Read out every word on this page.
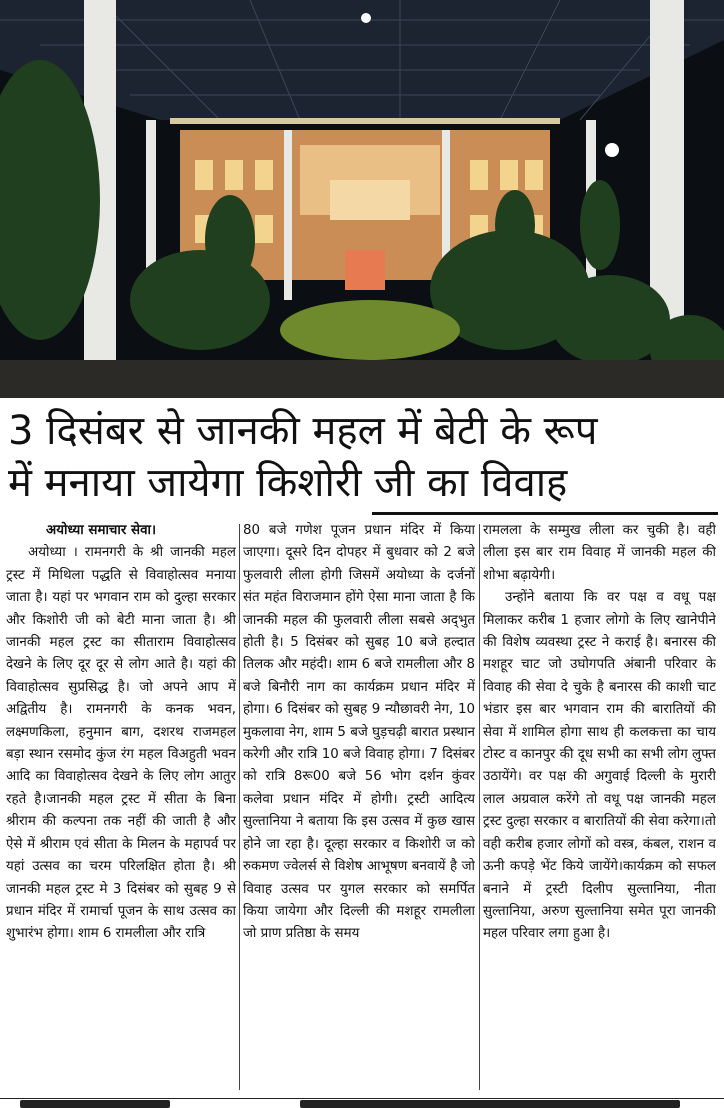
3 दिसंबर से जानकी महल में बेटी के रूप
में मनाया जायेगा किशोरी जी का विवाह
अयोध्या समाचार सेवा।

अयोध्या । रामनगरी के श्री जानकी महल ट्रस्ट में मिथिला पद्धति से विवाहोत्सव मनाया जाता है। यहां पर भगवान राम को दुल्हा सरकार और किशोरी जी को बेटी माना जाता है। श्री जानकी महल ट्रस्ट का सीताराम विवाहोत्सव देखने के लिए दूर दूर से लोग आते है। यहां की विवाहोत्सव सुप्रसिद्ध है। जो अपने आप में अद्वितीय है। रामनगरी के कनक भवन, लक्ष्मणकिला, हनुमान बाग, दशरथ राजमहल बड़ा स्थान रसमोद कुंज रंग महल विअहुती भवन आदि का विवाहोत्सव देखने के लिए लोग आतुर रहते है।जानकी महल ट्रस्ट में सीता के बिना श्रीराम की कल्पना तक नहीं की जाती है और ऐसे में श्रीराम एवं सीता के मिलन के महापर्व पर यहां उत्सव का चरम परिलक्षित होता है। श्री जानकी महल ट्रस्ट मे 3 दिसंबर को सुबह 9 से प्रधान मंदिर में रामार्चा पूजन के साथ उत्सव का शुभारंभ होगा। शाम 6 रामलीला और रात्रि

80 बजे गणेश पूजन प्रधान मंदिर में किया जाएगा। दूसरे दिन दोपहर में बुधवार को 2 बजे फुलवारी लीला होगी जिसमें अयोध्या के दर्जनों संत महंत विराजमान होंगे ऐसा माना जाता है कि जानकी महल की फुलवारी लीला सबसे अद्‌भुत होती है। 5 दिसंबर को सुबह 10 बजे हल्दात तिलक और महंदी। शाम 6 बजे रामलीला और 8 बजे बिनौरी नाग का कार्यक्रम प्रधान मंदिर में होगा। 6 दिसंबर को सुबह 9 न्यौछावरी नेग, 10 मुकलावा नेग, शाम 5 बजे घुड़चढ़ी बारात प्रस्थान करेगी और रात्रि 10 बजे विवाह होगा। 7 दिसंबर को रात्रि 8रू00 बजे 56 भोग दर्शन कुंवर कलेवा प्रधान मंदिर में होगी। ट्रस्टी आदित्य सुल्तानिया ने बताया कि इस उत्सव में कुछ खास होने जा रहा है। दूल्हा सरकार व किशोरी ज को रुकमण ज्वेलर्स से विशेष आभूषण बनवायें है जो विवाह उत्सव पर युगल सरकार को समर्पित किया जायेगा और दिल्ली की मशहूर रामलीला जो प्राण प्रतिष्ठा के समय

रामलला के सम्मुख लीला कर चुकी है। वही लीला इस बार राम विवाह में जानकी महल की शोभा बढ़ायेगी।

उन्होंने बताया कि वर पक्ष व वधू पक्ष मिलाकर करीब 1 हजार लोगो के लिए खानेपीने की विशेष व्यवस्था ट्रस्ट ने कराई है। बनारस की मशहूर चाट जो उघोगपति अंबानी परिवार के विवाह की सेवा दे चुके है बनारस की काशी चाट भंडार इस बार भगवान राम की बारातियों की सेवा में शामिल होगा साथ ही कलकत्ता का चाय टोस्ट व कानपुर की दूध सभी का सभी लोग लुफ्त उठायेंगे। वर पक्ष की अगुवाई दिल्ली के मुरारी लाल अग्रवाल करेंगे तो वधू पक्ष जानकी महल ट्रस्ट दुल्हा सरकार व बारातियों की सेवा करेगा।तो वही करीब हजार लोगों को वस्त्र, कंबल, राशन व ऊनी कपड़े भेंट किये जायेंगे।कार्यक्रम को सफल बनाने में ट्रस्टी दिलीप सुल्तानिया, नीता सुल्तानिया, अरुण सुल्तानिया समेत पूरा जानकी महल परिवार लगा हुआ है।
